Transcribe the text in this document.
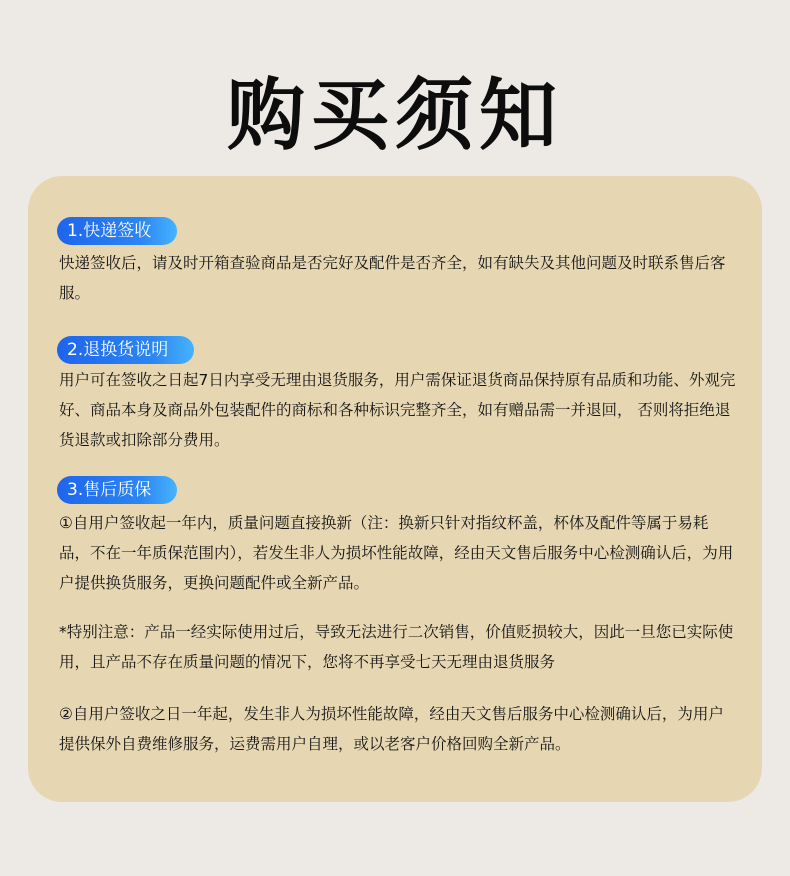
购买须知
1.快递签收

快递签收后，请及时开箱查验商品是否完好及配件是否齐全，如有缺失及其他问题及时联系售后客服。

2.退换货说明

用户可在签收之日起7日内享受无理由退货服务，用户需保证退货商品保持原有品质和功能、外观完好、商品本身及商品外包装配件的商标和各种标识完整齐全，如有赠品需一并退回， 否则将拒绝退货退款或扣除部分费用。

3.售后质保

①自用户签收起一年内，质量问题直接换新（注：换新只针对指纹杯盖，杯体及配件等属于易耗品，不在一年质保范围内），若发生非人为损坏性能故障，经由天文售后服务中心检测确认后，为用户提供换货服务，更换问题配件或全新产品。

*特别注意：产品一经实际使用过后，导致无法进行二次销售，价值贬损较大，因此一旦您已实际使用，且产品不存在质量问题的情况下，您将不再享受七天无理由退货服务

②自用户签收之日一年起，发生非人为损坏性能故障，经由天文售后服务中心检测确认后，为用户提供保外自费维修服务，运费需用户自理，或以老客户价格回购全新产品。
